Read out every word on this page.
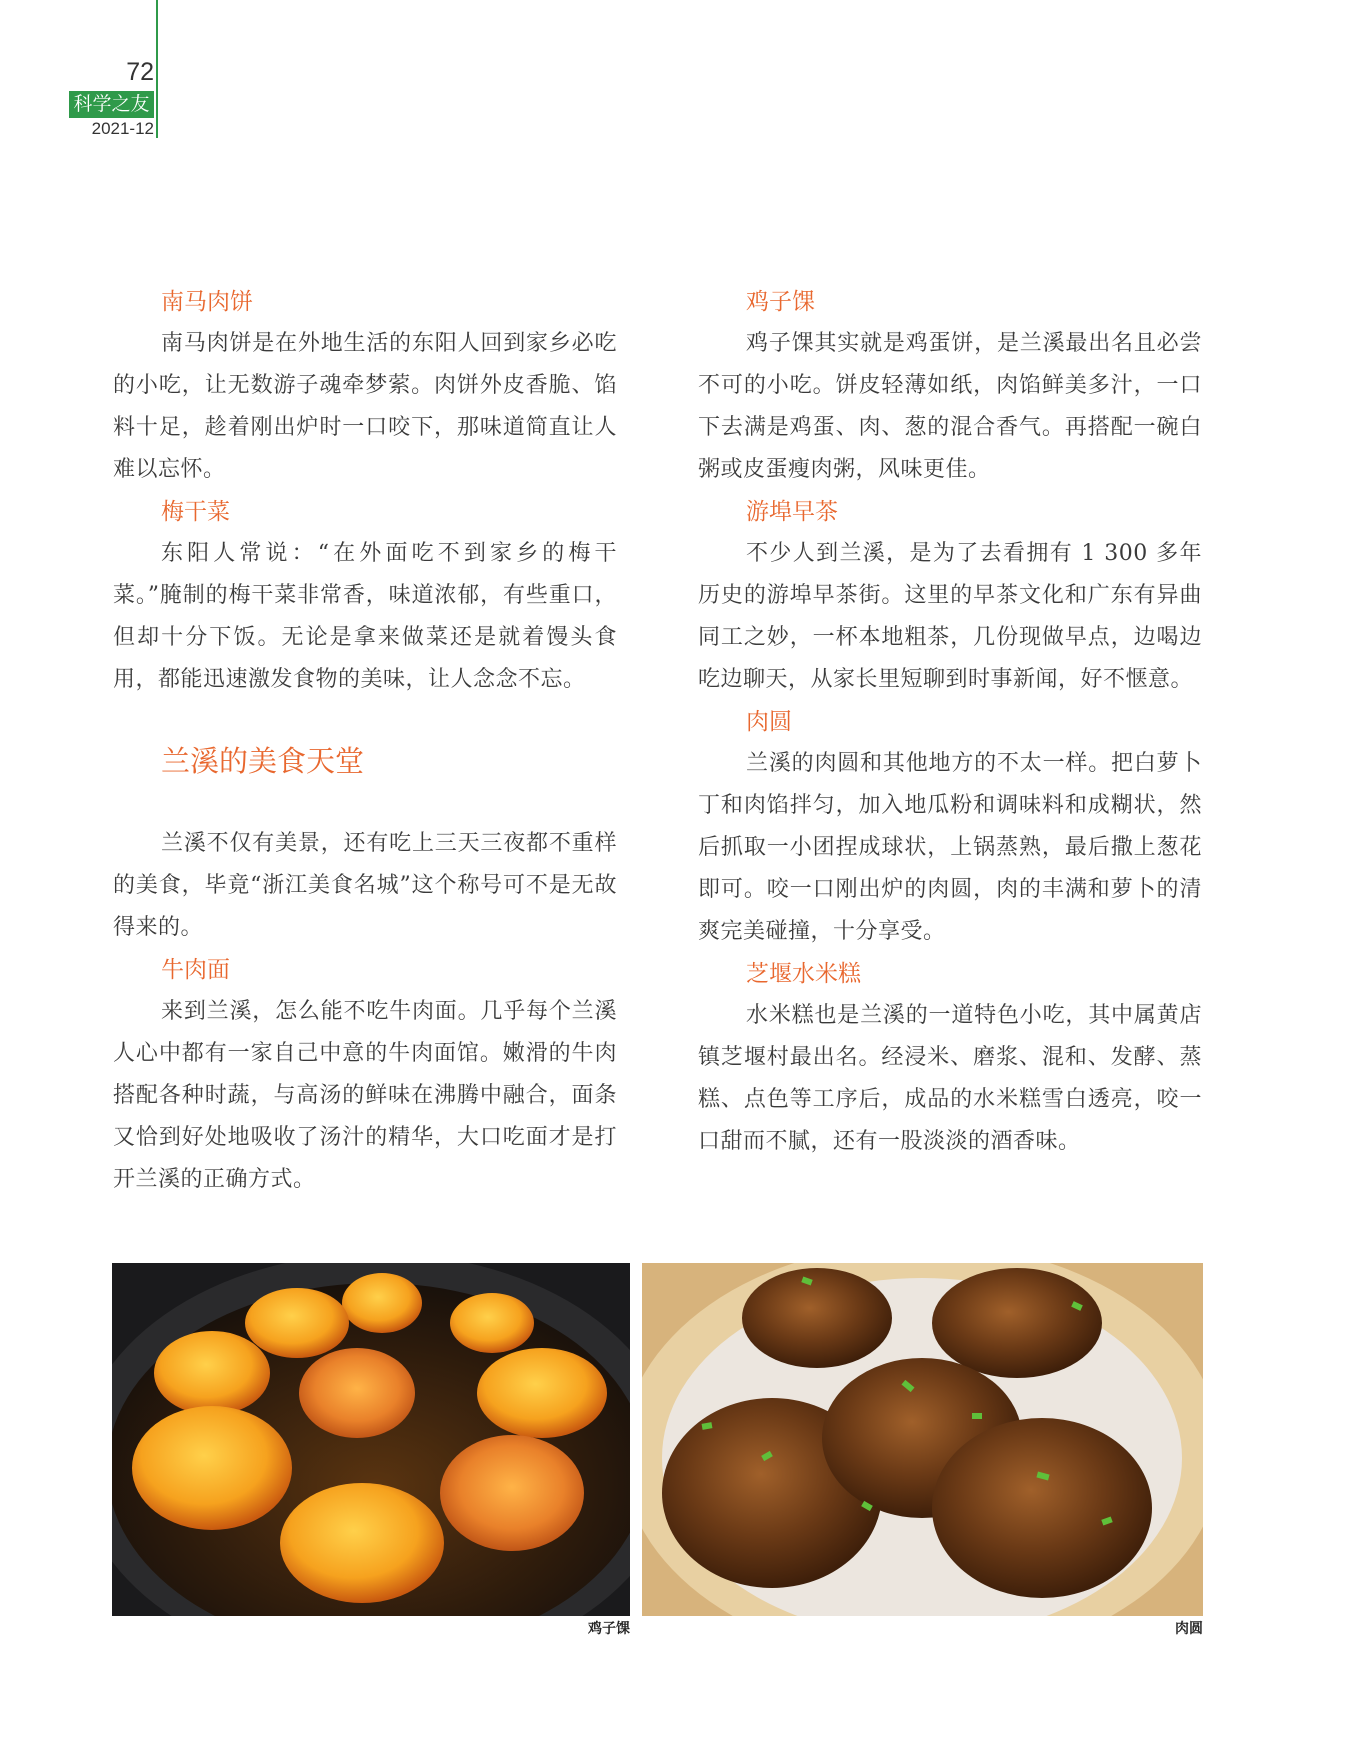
72
科学之友
2021-12
南马肉饼

南马肉饼是在外地生活的东阳人回到家乡必吃的小吃，让无数游子魂牵梦萦。肉饼外皮香脆、馅料十足，趁着刚出炉时一口咬下，那味道简直让人难以忘怀。

梅干菜

东阳人常说：“在外面吃不到家乡的梅干菜。”腌制的梅干菜非常香，味道浓郁，有些重口，但却十分下饭。无论是拿来做菜还是就着馒头食用，都能迅速激发食物的美味，让人念念不忘。

兰溪的美食天堂

兰溪不仅有美景，还有吃上三天三夜都不重样的美食，毕竟“浙江美食名城”这个称号可不是无故得来的。

牛肉面

来到兰溪，怎么能不吃牛肉面。几乎每个兰溪人心中都有一家自己中意的牛肉面馆。嫩滑的牛肉搭配各种时蔬，与高汤的鲜味在沸腾中融合，面条又恰到好处地吸收了汤汁的精华，大口吃面才是打开兰溪的正确方式。

鸡子馃

鸡子馃其实就是鸡蛋饼，是兰溪最出名且必尝不可的小吃。饼皮轻薄如纸，肉馅鲜美多汁，一口下去满是鸡蛋、肉、葱的混合香气。再搭配一碗白粥或皮蛋瘦肉粥，风味更佳。

游埠早茶

不少人到兰溪，是为了去看拥有 1 300 多年历史的游埠早茶街。这里的早茶文化和广东有异曲同工之妙，一杯本地粗茶，几份现做早点，边喝边吃边聊天，从家长里短聊到时事新闻，好不惬意。

肉圆

兰溪的肉圆和其他地方的不太一样。把白萝卜丁和肉馅拌匀，加入地瓜粉和调味料和成糊状，然后抓取一小团捏成球状，上锅蒸熟，最后撒上葱花即可。咬一口刚出炉的肉圆，肉的丰满和萝卜的清爽完美碰撞，十分享受。

芝堰水米糕

水米糕也是兰溪的一道特色小吃，其中属黄店镇芝堰村最出名。经浸米、磨浆、混和、发酵、蒸糕、点色等工序后，成品的水米糕雪白透亮，咬一口甜而不腻，还有一股淡淡的酒香味。

鸡子馃	肉圆
